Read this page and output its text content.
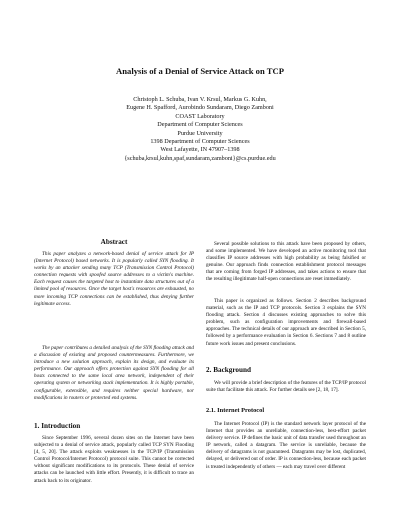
Analysis of a Denial of Service Attack on TCP
Christoph L. Schuba, Ivan V. Krsul, Markus G. Kuhn,
Eugene H. Spafford, Aurobindo Sundaram, Diego Zamboni
COAST Laboratory
Department of Computer Sciences
Purdue University
1398 Department of Computer Sciences
West Lafayette, IN 47907–1398
{schuba,krsul,kuhn,spaf,sundaram,zamboni}@cs.purdue.edu
Abstract

This paper analyzes a network-based denial of service attack for IP (Internet Protocol) based networks. It is popularly called SYN flooding. It works by an attacker sending many TCP (Transmission Control Protocol) connection requests with spoofed source addresses to a victim's machine. Each request causes the targeted host to instantiate data structures out of a limited pool of resources. Once the target host's resources are exhausted, no more incoming TCP connections can be established, thus denying further legitimate access.

The paper contributes a detailed analysis of the SYN flooding attack and a discussion of existing and proposed countermeasures. Furthermore, we introduce a new solution approach, explain its design, and evaluate its performance. Our approach offers protection against SYN flooding for all hosts connected to the same local area network, independent of their operating system or networking stack implementation. It is highly portable, configurable, extensible, and requires neither special hardware, nor modifications in routers or protected end systems.

1. Introduction

Since September 1996, several dozen sites on the Internet have been subjected to a denial of service attack, popularly called TCP SYN Flooding [4, 5, 20]. The attack exploits weaknesses in the TCP/IP (Transmission Control Protocol/Internet Protocol) protocol suite. This cannot be corrected without significant modifications to its protocols. These denial of service attacks can be launched with little effort. Presently, it is difficult to trace an attack back to its originator.

Several possible solutions to this attack have been proposed by others, and some implemented. We have developed an active monitoring tool that classifies IP source addresses with high probability as being falsified or genuine. Our approach finds connection establishment protocol messages that are coming from forged IP addresses, and takes actions to ensure that the resulting illegitimate half-open connections are reset immediately.

This paper is organized as follows. Section 2 describes background material, such as the IP and TCP protocols. Section 3 explains the SYN flooding attack. Section 4 discusses existing approaches to solve this problem, such as configuration improvements and firewall-based approaches. The technical details of our approach are described in Section 5, followed by a performance evaluation in Section 6. Sections 7 and 8 outline future work issues and present conclusions.

2. Background

We will provide a brief description of the features of the TCP/IP protocol suite that facilitate this attack. For further details see [2, 18, 17].

2.1. Internet Protocol

The Internet Protocol (IP) is the standard network layer protocol of the Internet that provides an unreliable, connection-less, best-effort packet delivery service. IP defines the basic unit of data transfer used throughout an IP network, called a datagram. The service is unreliable, because the delivery of datagrams is not guaranteed. Datagrams may be lost, duplicated, delayed, or delivered out of order. IP is connection-less, because each packet is treated independently of others — each may travel over different
